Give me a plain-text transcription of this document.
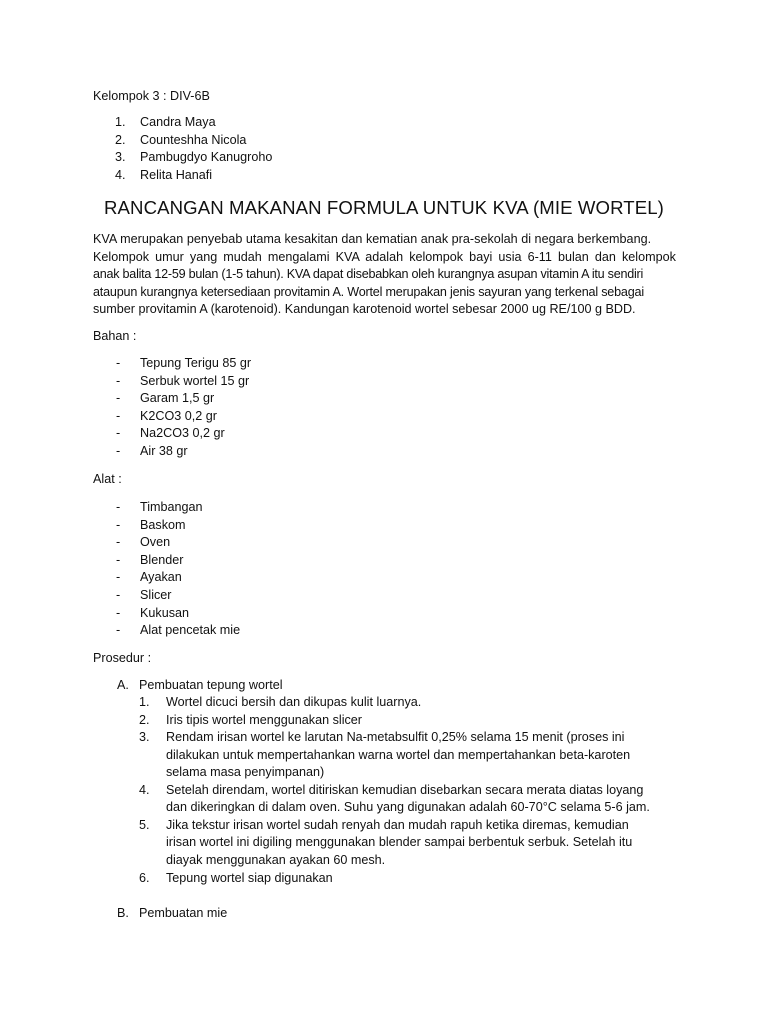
Kelompok 3 : DIV-6B
1.	Candra Maya
2.	Counteshha Nicola
3.	Pambugdyo Kanugroho
4.	Relita Hanafi
RANCANGAN MAKANAN FORMULA UNTUK KVA (MIE WORTEL)
KVA merupakan penyebab utama kesakitan dan kematian anak pra-sekolah di negara berkembang.
Kelompok umur yang mudah mengalami KVA adalah kelompok bayi usia 6-11 bulan dan kelompok
anak balita 12-59 bulan (1-5 tahun). KVA dapat disebabkan oleh kurangnya asupan vitamin A itu sendiri
ataupun kurangnya ketersediaan provitamin A. Wortel merupakan jenis sayuran yang terkenal sebagai
sumber provitamin A (karotenoid). Kandungan karotenoid wortel sebesar 2000 ug RE/100 g BDD.
Bahan :
-	Tepung Terigu 85 gr
-	Serbuk wortel 15 gr
-	Garam 1,5 gr
-	K2CO3 0,2 gr
-	Na2CO3 0,2 gr
-	Air 38 gr
Alat :
-	Timbangan
-	Baskom
-	Oven
-	Blender
-	Ayakan
-	Slicer
-	Kukusan
-	Alat pencetak mie
Prosedur :
A. Pembuatan tepung wortel
1.	Wortel dicuci bersih dan dikupas kulit luarnya.
2.	Iris tipis wortel menggunakan slicer
3.	Rendam irisan wortel ke larutan Na-metabsulfit 0,25% selama 15 menit (proses ini
dilakukan untuk mempertahankan warna wortel dan mempertahankan beta-karoten
selama masa penyimpanan)
4.	Setelah direndam, wortel ditiriskan kemudian disebarkan secara merata diatas loyang
dan dikeringkan di dalam oven. Suhu yang digunakan adalah 60-70°C selama 5-6 jam.
5.	Jika tekstur irisan wortel sudah renyah dan mudah rapuh ketika diremas, kemudian
irisan wortel ini digiling menggunakan blender sampai berbentuk serbuk. Setelah itu
diayak menggunakan ayakan 60 mesh.
6.	Tepung wortel siap digunakan
B. Pembuatan mie
